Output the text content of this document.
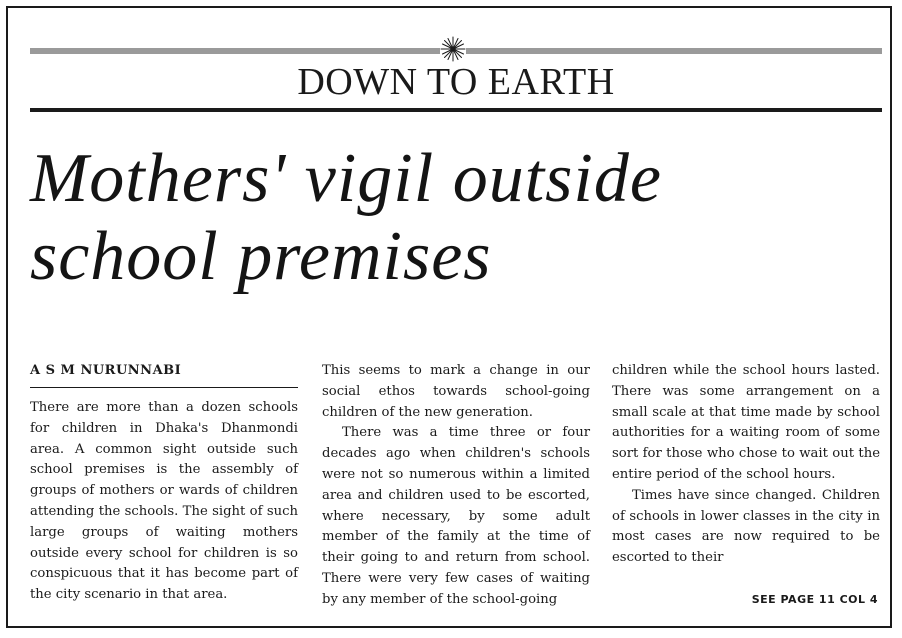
DOWN TO EARTH
Mothers' vigil outside
school premises
A S M NURUNNABI

There are more than a dozen schools for children in Dhaka's Dhanmondi area. A common sight outside such school premises is the assembly of groups of mothers or wards of children attending the schools. The sight of such large groups of waiting mothers outside every school for children is so conspicuous that it has become part of the city scenario in that area.

This seems to mark a change in our social ethos towards school-going children of the new generation.

There was a time three or four decades ago when children's schools were not so numerous within a limited area and children used to be escorted, where necessary, by some adult member of the family at the time of their going to and return from school. There were very few cases of waiting by any member of the school-going

children while the school hours lasted. There was some arrangement on a small scale at that time made by school authorities for a waiting room of some sort for those who chose to wait out the entire period of the school hours.

Times have since changed. Children of schools in lower classes in the city in most cases are now required to be escorted to their

SEE PAGE 11 COL 4
